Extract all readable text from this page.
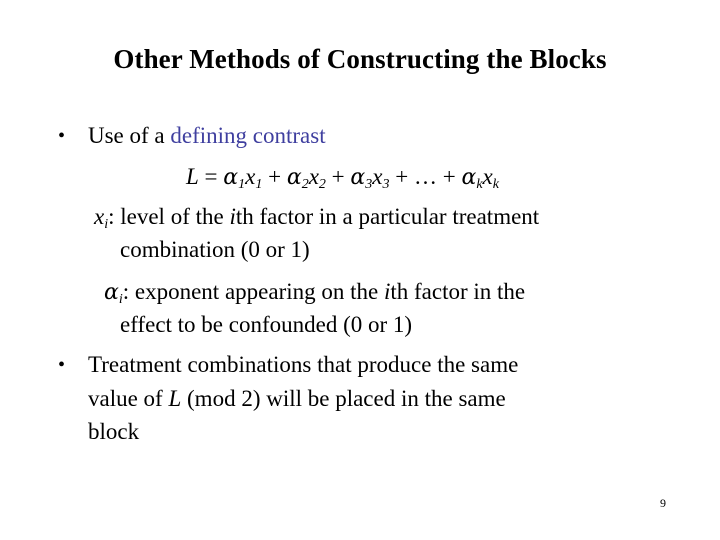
Other Methods of Constructing the Blocks
• Use of a defining contrast
$L = \alpha_1x_1 + \alpha_2x_2 + \alpha_3x_3$ + … + $\alpha_kx_k$
$x_i$: level of the ith factor in a particular treatment
combination (0 or 1)
$\alpha_i$: exponent appearing on the ith factor in the
effect to be confounded (0 or 1)
• Treatment combinations that produce the same
value of L (mod 2) will be placed in the same
block
9
